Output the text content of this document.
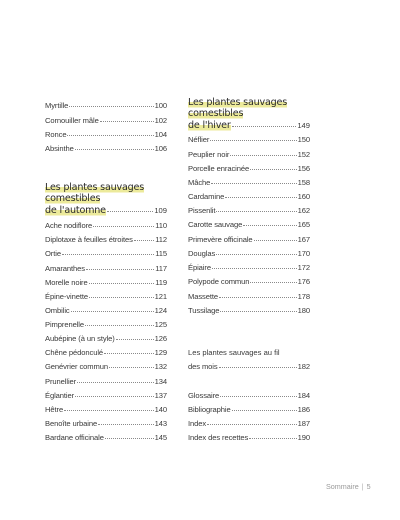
Myrtille	100
Cornouiller mâle	102
Ronce	104
Absinthe	106
Les plantes sauvages
comestibles
de l'automne	109
Ache nodiflore	110
Diplotaxe à feuilles étroites	112
Ortie	115
Amaranthes	117
Morelle noire	119
Épine-vinette	121
Ombilic	124
Pimprenelle	125
Aubépine (à un style)	126
Chêne pédonculé	129
Genévrier commun	132
Prunellier	134
Églantier	137
Hêtre	140
Benoîte urbaine	143
Bardane officinale	145
Les plantes sauvages
comestibles
de l'hiver	149
Néflier	150
Peuplier noir	152
Porcelle enracinée	156
Mâche	158
Cardamine	160
Pissenlit	162
Carotte sauvage	165
Primevère officinale	167
Douglas	170
Épiaire	172
Polypode commun	176
Massette	178
Tussilage	180
Les plantes sauvages au fil
des mois	182
Glossaire	184
Bibliographie	186
Index	187
Index des recettes	190
Sommaire | 5
